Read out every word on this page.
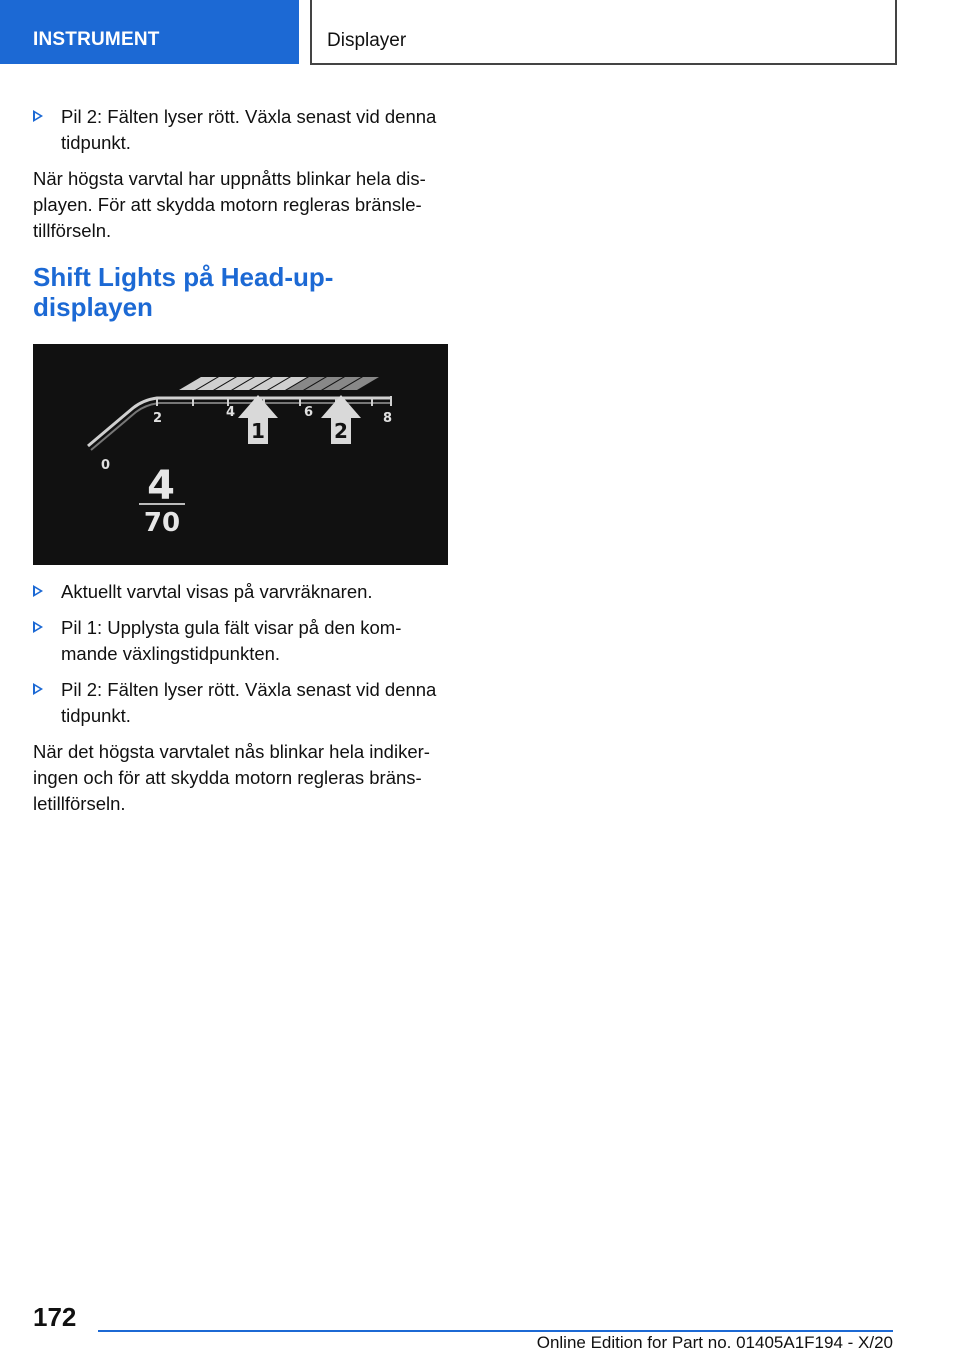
INSTRUMENT	Displayer
Pil 2: Fälten lyser rött. Växla senast vid denna tidpunkt.

När högsta varvtal har uppnåtts blinkar hela displayen. För att skydda motorn regleras bränsletillförseln.

Shift Lights på Head-up-displayen
0
2	4	6	8
1	2
4
70
Aktuellt varvtal visas på varvräknaren.
Pil 1: Upplysta gula fält visar på den kommande växlingstidpunkten.
Pil 2: Fälten lyser rött. Växla senast vid denna tidpunkt.

När det högsta varvtalet nås blinkar hela indikeringen och för att skydda motorn regleras bränsletillförseln.

172
Online Edition for Part no. 01405A1F194 - X/20
